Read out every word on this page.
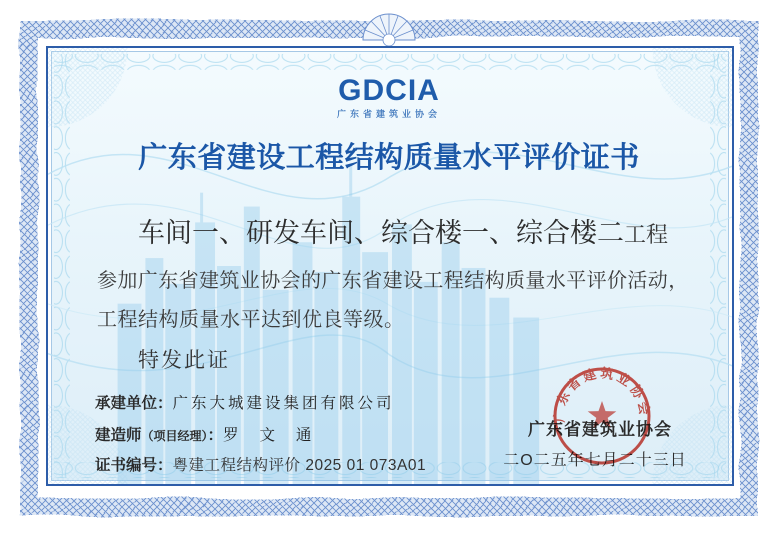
GDCIA
广东省建筑业协会
广东省建设工程结构质量水平评价证书
车间一、研发车间、综合楼一、综合楼二工程
参加广东省建筑业协会的广东省建设工程结构质量水平评价活动，
工程结构质量水平达到优良等级。
特发此证
承建单位：广东大城建设集团有限公司
建造师（项目经理）：罗 文 通
证书编号：粤建工程结构评价 2025 01 073A01
广东省建筑业协会
二O二五年七月二十三日
广东省建筑业协会
